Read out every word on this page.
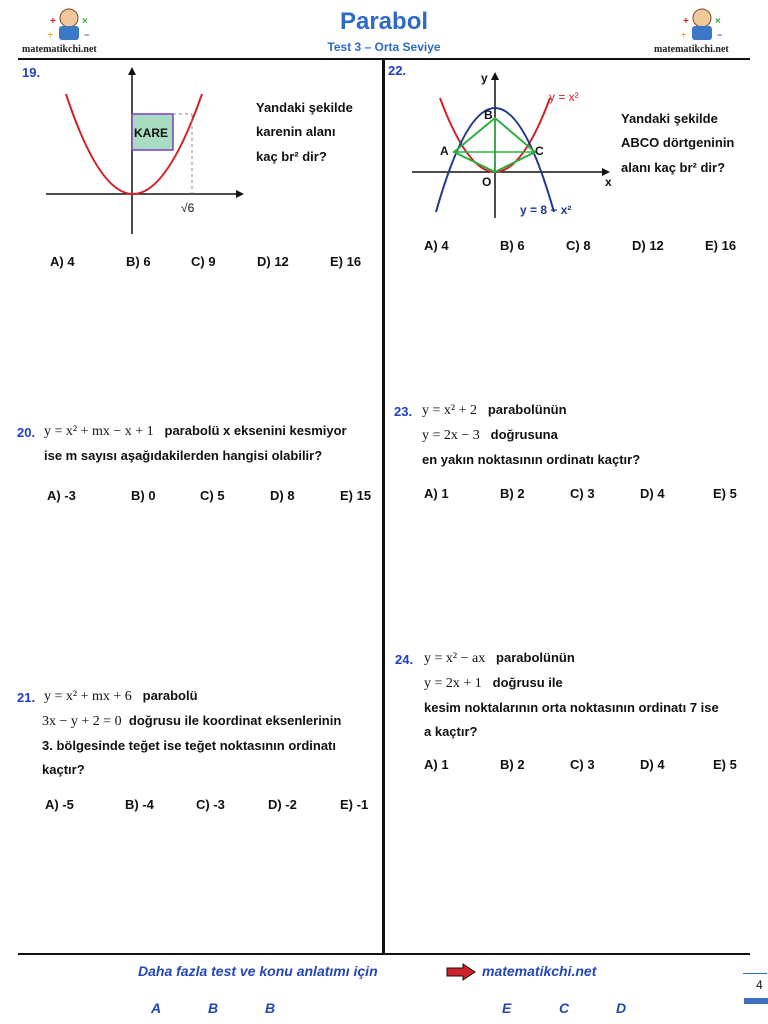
+	×
÷	−
matematikchi.net
+	×
÷	−
matematikchi.net
Parabol
Test 3 – Orta Seviye
19.
KARE
√6
Yandaki şekilde
karenin alanı
kaç br² dir?
A) 4	B) 6	C) 9	D) 12	E) 16
20. y = x² + mx − x + 1 parabolü x eksenini kesmiyor
ise m sayısı aşağıdakilerden hangisi olabilir?
A) -3	B) 0	C) 5	D) 8	E) 15
21. y = x² + mx + 6 parabolü
3x − y + 2 = 0 doğrusu ile koordinat eksenlerinin
3. bölgesinde teğet ise teğet noktasının ordinatı
kaçtır?
A) -5	B) -4	C) -3	D) -2	E) -1
22.	y
x
A
B
C
O
y = x²
y = 8 − x²
Yandaki şekilde
ABCO dörtgeninin
alanı kaç br² dir?
A) 4	B) 6	C) 8	D) 12	E) 16
23. y = x² + 2 parabolünün
y = 2x − 3 doğrusuna
en yakın noktasının ordinatı kaçtır?
A) 1	B) 2	C) 3	D) 4	E) 5
24. y = x² − ax parabolünün
y = 2x + 1 doğrusu ile
kesim noktalarının orta noktasının ordinatı 7 ise
a kaçtır?
A) 1	B) 2	C) 3	D) 4	E) 5
Daha fazla test ve konu anlatımı için	matematikchi.net
4
A	B	B	E	C	D
